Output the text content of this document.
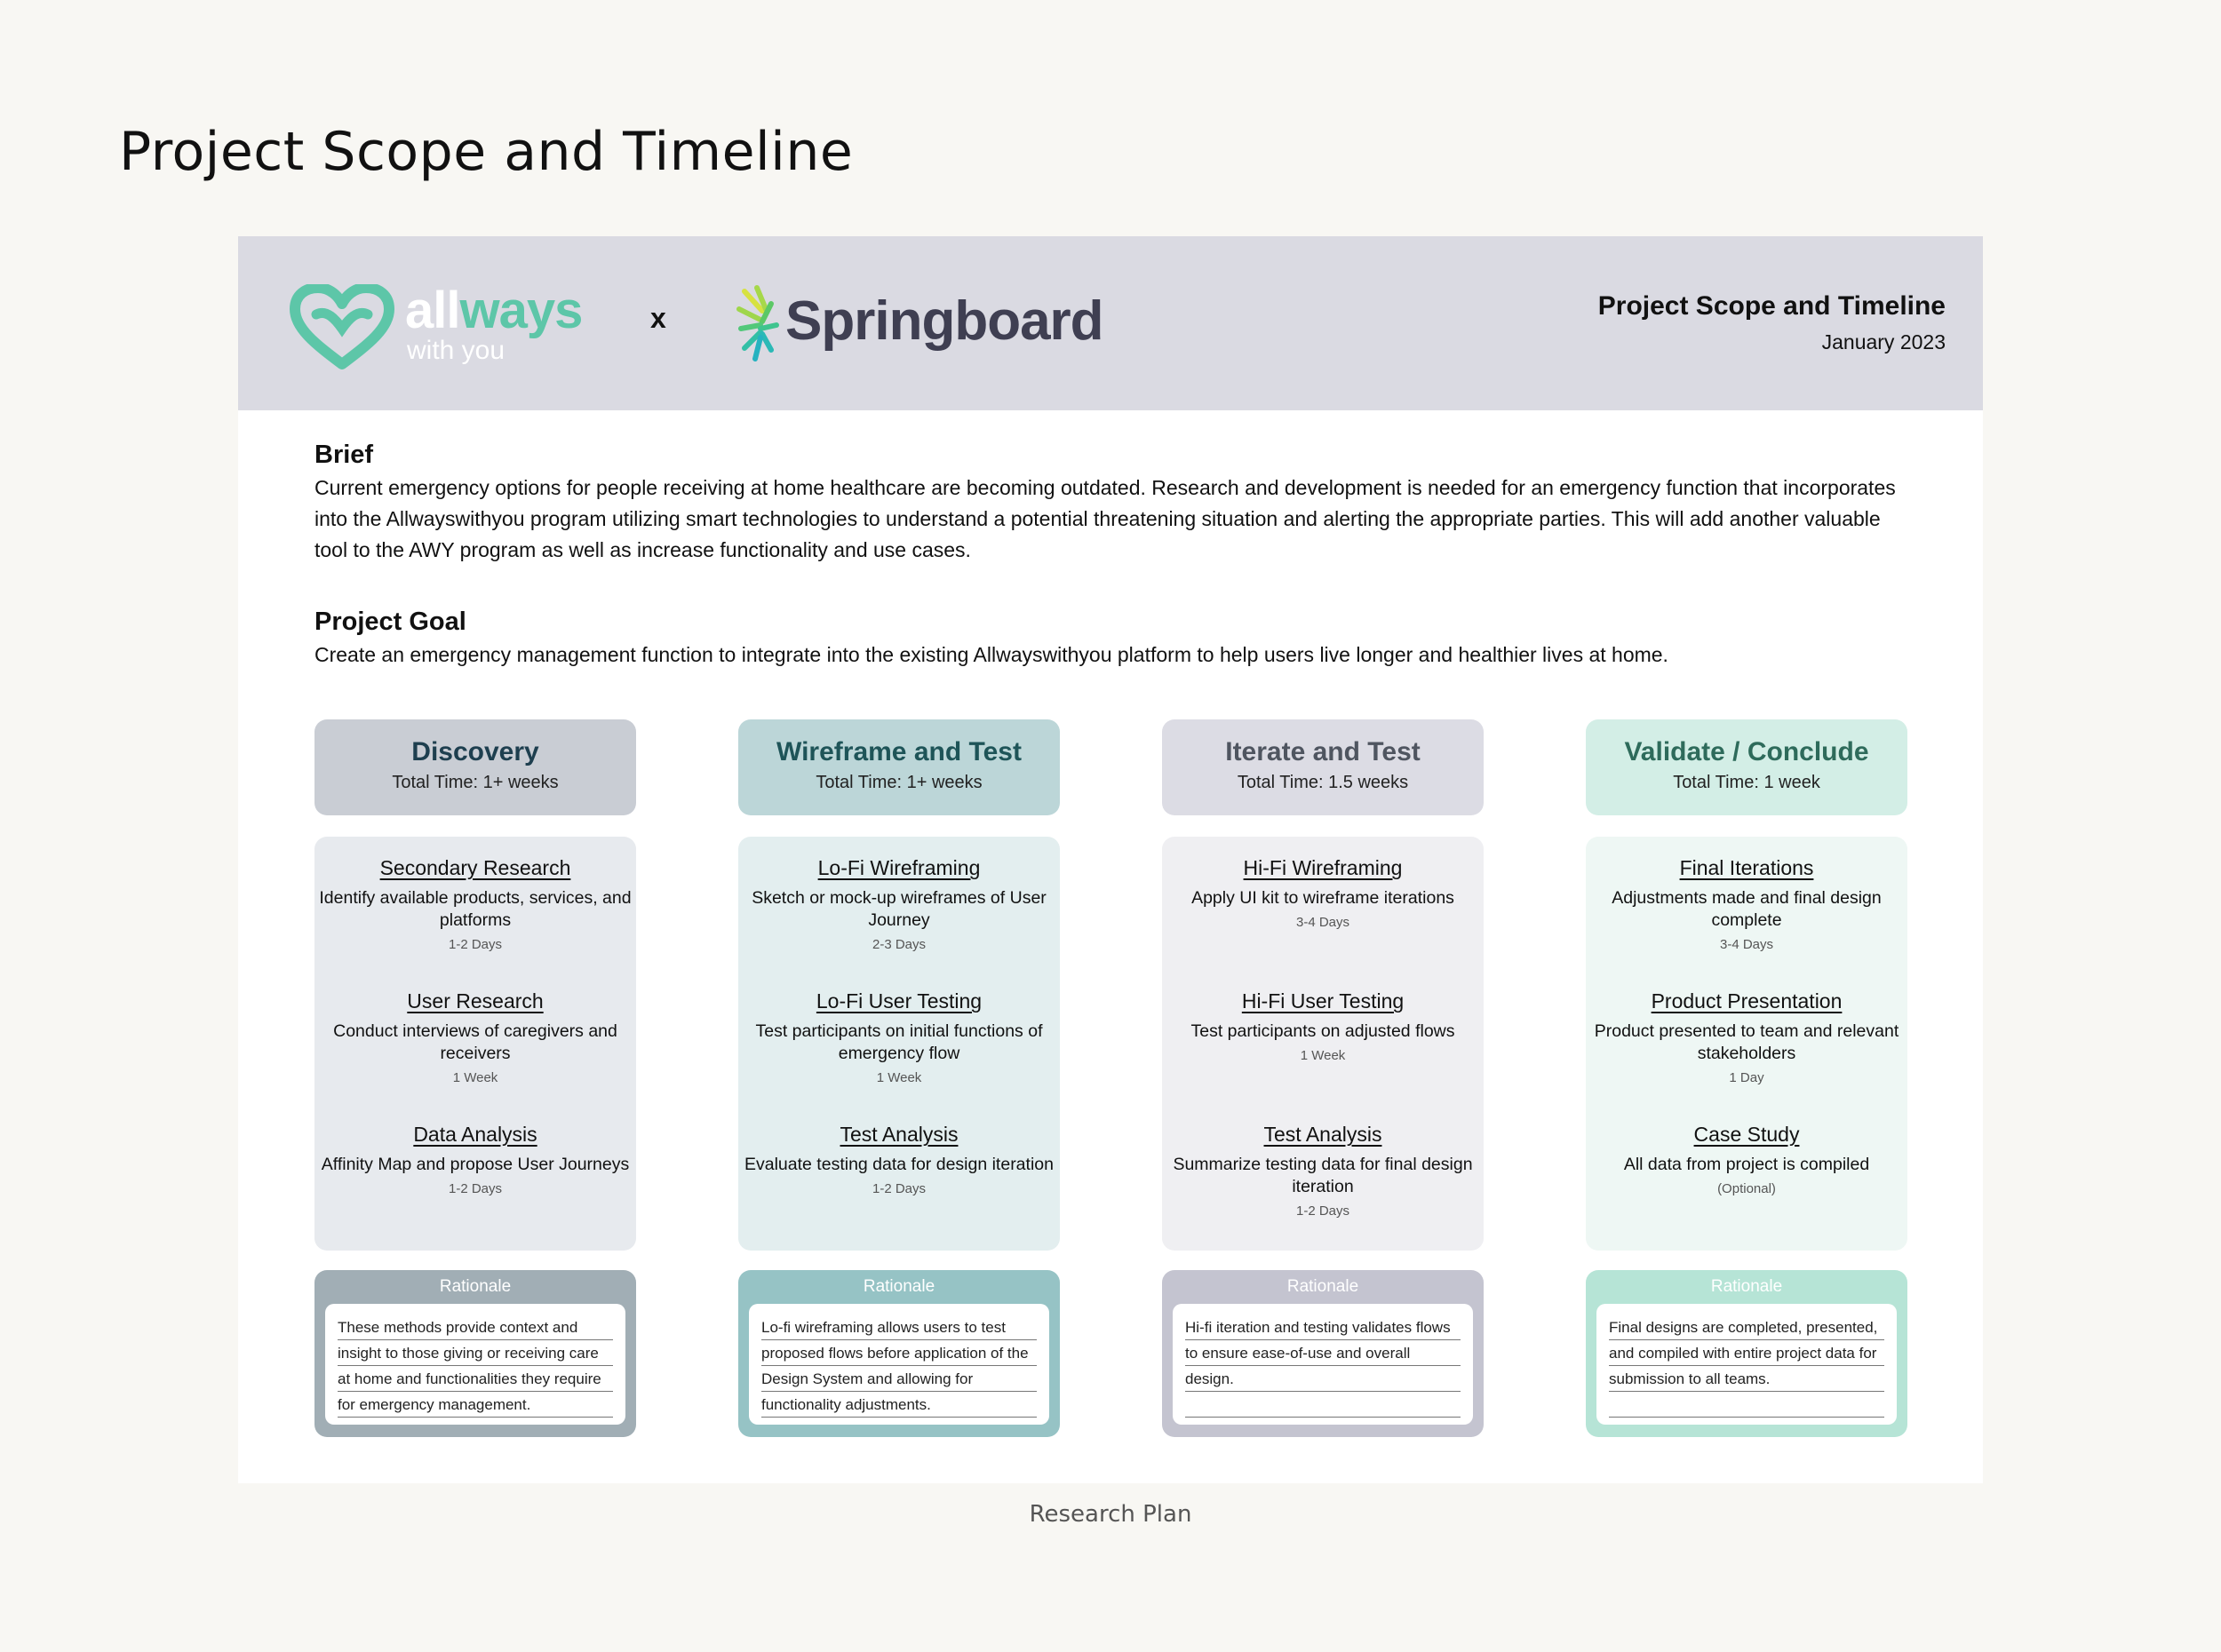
Project Scope and Timeline
allways
with you
x Springboard	Project Scope and Timeline
January 2023
Brief
Current emergency options for people receiving at home healthcare are becoming outdated. Research and development is needed for an emergency function that incorporates into the Allwayswithyou program utilizing smart technologies to understand a potential threatening situation and alerting the appropriate parties. This will add another valuable tool to the AWY program as well as increase functionality and use cases.
Project Goal
Create an emergency management function to integrate into the existing Allwayswithyou platform to help users live longer and healthier lives at home.
Discovery
Total Time: 1+ weeks
Secondary Research
Identify available products, services, and platforms
1-2 Days
User Research
Conduct interviews of caregivers and receivers
1 Week
Data Analysis
Affinity Map and propose User Journeys
1-2 Days
Rationale
These methods provide context and insight to those giving or receiving care at home and functionalities they require for emergency management.
Wireframe and Test
Total Time: 1+ weeks
Lo-Fi Wireframing
Sketch or mock-up wireframes of User Journey
2-3 Days
Lo-Fi User Testing
Test participants on initial functions of emergency flow
1 Week
Test Analysis
Evaluate testing data for design iteration
1-2 Days
Rationale
Lo-fi wireframing allows users to test proposed flows before application of the Design System and allowing for functionality adjustments.
Iterate and Test
Total Time: 1.5 weeks
Hi-Fi Wireframing
Apply UI kit to wireframe iterations
3-4 Days
Hi-Fi User Testing
Test participants on adjusted flows
1 Week
Test Analysis
Summarize testing data for final design iteration
1-2 Days
Rationale
Hi-fi iteration and testing validates flows to ensure ease-of-use and overall design.
Validate / Conclude
Total Time: 1 week
Final Iterations
Adjustments made and final design complete
3-4 Days
Product Presentation
Product presented to team and relevant stakeholders
1 Day
Case Study
All data from project is compiled
(Optional)
Rationale
Final designs are completed, presented, and compiled with entire project data for submission to all teams.
Research Plan
